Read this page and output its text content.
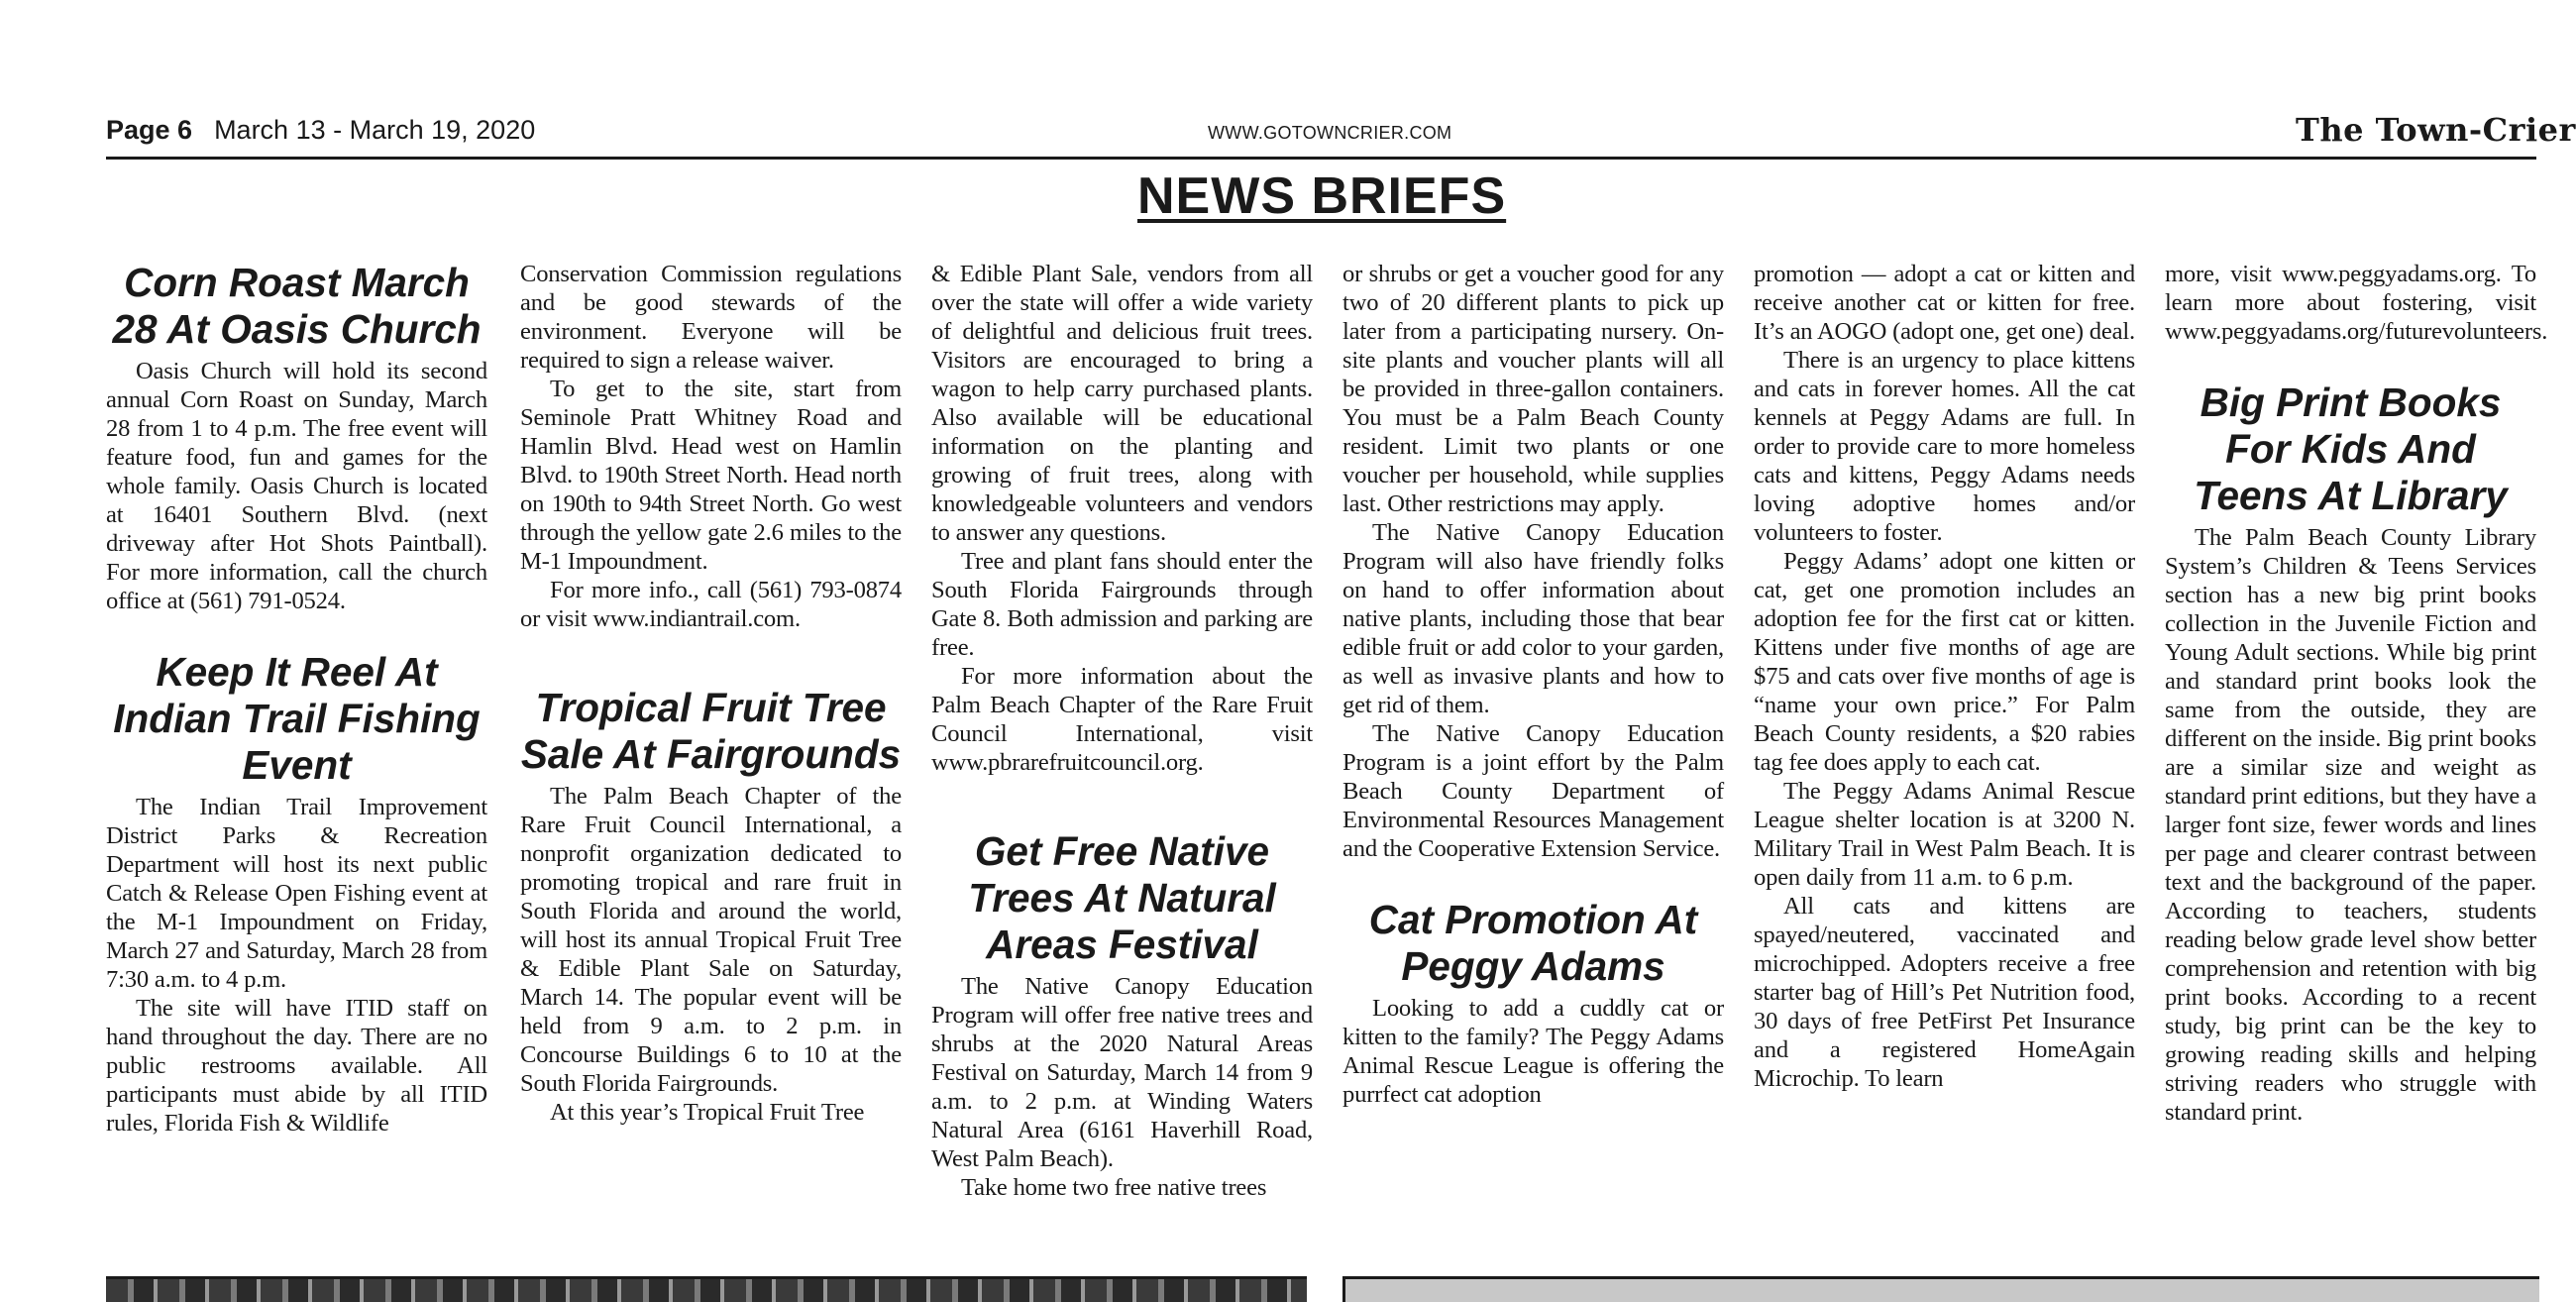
Page 6 March 13 - March 19, 2020	WWW.GOTOWNCRIER.COM	The Town-Crier
NEWS BRIEFS
Corn Roast March 28 At Oasis Church

Oasis Church will hold its second annual Corn Roast on Sunday, March 28 from 1 to 4 p.m. The free event will feature food, fun and games for the whole family. Oasis Church is located at 16401 Southern Blvd. (next driveway after Hot Shots Paintball). For more information, call the church office at (561) 791-0524.

Keep It Reel At Indian Trail Fishing Event

The Indian Trail Improvement District Parks & Recreation Department will host its next public Catch & Release Open Fishing event at the M-1 Impoundment on Friday, March 27 and Saturday, March 28 from 7:30 a.m. to 4 p.m.

The site will have ITID staff on hand throughout the day. There are no public restrooms available. All participants must abide by all ITID rules, Florida Fish & Wildlife

Conservation Commission regulations and be good stewards of the environment. Everyone will be required to sign a release waiver.

To get to the site, start from Seminole Pratt Whitney Road and Hamlin Blvd. Head west on Hamlin Blvd. to 190th Street North. Head north on 190th to 94th Street North. Go west through the yellow gate 2.6 miles to the M-1 Impoundment.

For more info., call (561) 793-0874 or visit www.indiantrail.com.

Tropical Fruit Tree Sale At Fairgrounds

The Palm Beach Chapter of the Rare Fruit Council International, a nonprofit organization dedicated to promoting tropical and rare fruit in South Florida and around the world, will host its annual Tropical Fruit Tree & Edible Plant Sale on Saturday, March 14. The popular event will be held from 9 a.m. to 2 p.m. in Concourse Buildings 6 to 10 at the South Florida Fairgrounds.

At this year’s Tropical Fruit Tree

& Edible Plant Sale, vendors from all over the state will offer a wide variety of delightful and delicious fruit trees. Visitors are encouraged to bring a wagon to help carry purchased plants. Also available will be educational information on the planting and growing of fruit trees, along with knowledgeable volunteers and vendors to answer any questions.

Tree and plant fans should enter the South Florida Fairgrounds through Gate 8. Both admission and parking are free.

For more information about the Palm Beach Chapter of the Rare Fruit Council International, visit www.pbrarefruitcouncil.org.

Get Free Native Trees At Natural Areas Festival

The Native Canopy Education Program will offer free native trees and shrubs at the 2020 Natural Areas Festival on Saturday, March 14 from 9 a.m. to 2 p.m. at Winding Waters Natural Area (6161 Haverhill Road, West Palm Beach).

Take home two free native trees

or shrubs or get a voucher good for any two of 20 different plants to pick up later from a participating nursery. On-site plants and voucher plants will all be provided in three-gallon containers. You must be a Palm Beach County resident. Limit two plants or one voucher per household, while supplies last. Other restrictions may apply.

The Native Canopy Education Program will also have friendly folks on hand to offer information about native plants, including those that bear edible fruit or add color to your garden, as well as invasive plants and how to get rid of them.

The Native Canopy Education Program is a joint effort by the Palm Beach County Department of Environmental Resources Management and the Cooperative Extension Service.

Cat Promotion At Peggy Adams

Looking to add a cuddly cat or kitten to the family? The Peggy Adams Animal Rescue League is offering the purrfect cat adoption

promotion — adopt a cat or kitten and receive another cat or kitten for free. It’s an AOGO (adopt one, get one) deal.

There is an urgency to place kittens and cats in forever homes. All the cat kennels at Peggy Adams are full. In order to provide care to more homeless cats and kittens, Peggy Adams needs loving adoptive homes and/or volunteers to foster.

Peggy Adams’ adopt one kitten or cat, get one promotion includes an adoption fee for the first cat or kitten. Kittens under five months of age are $75 and cats over five months of age is “name your own price.” For Palm Beach County residents, a $20 rabies tag fee does apply to each cat.

The Peggy Adams Animal Rescue League shelter location is at 3200 N. Military Trail in West Palm Beach. It is open daily from 11 a.m. to 6 p.m.

All cats and kittens are spayed/neutered, vaccinated and microchipped. Adopters receive a free starter bag of Hill’s Pet Nutrition food, 30 days of free PetFirst Pet Insurance and a registered HomeAgain Microchip. To learn

more, visit www.peggyadams.org. To learn more about fostering, visit www.peggyadams.org/futurevolunteers.

Big Print Books For Kids And Teens At Library

The Palm Beach County Library System’s Children & Teens Services section has a new big print books collection in the Juvenile Fiction and Young Adult sections. While big print and standard print books look the same from the outside, they are different on the inside. Big print books are a similar size and weight as standard print editions, but they have a larger font size, fewer words and lines per page and clearer contrast between text and the background of the paper. According to teachers, students reading below grade level show better comprehension and retention with big print books. According to a recent study, big print can be the key to growing reading skills and helping striving readers who struggle with standard print.
